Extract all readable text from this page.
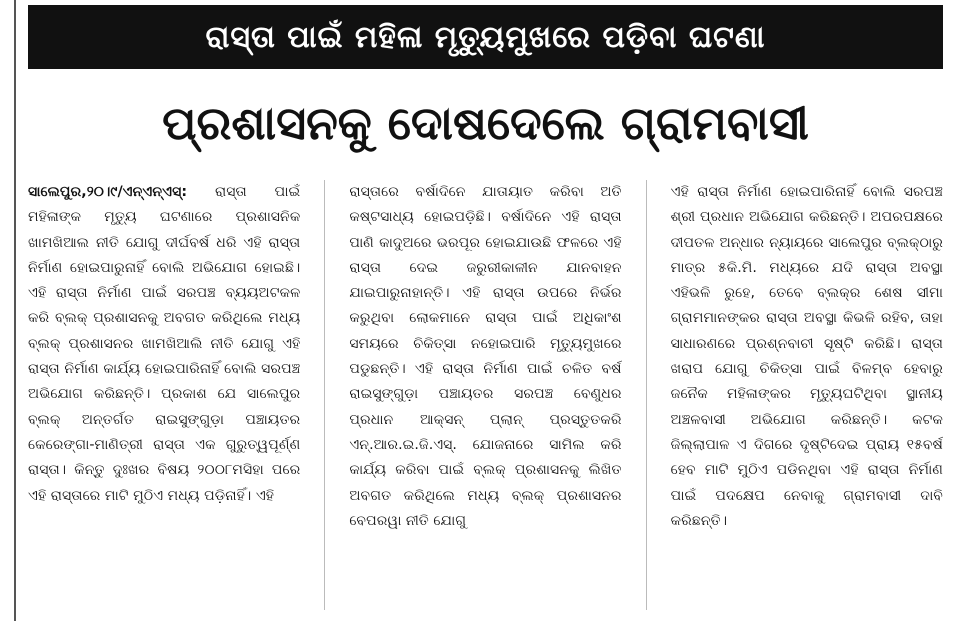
ରାସ୍ତା ପାଇଁ ମହିଳା ମୃତ୍ୟୁମୁଖରେ ପଡ଼ିବା ଘଟଣା
ପ୍ରଶାସନକୁ ଦୋଷଦେଲେ ଗ୍ରାମବାସୀ

ସାଲେପୁର,୨୦।୯/ଏନ୍ଏନ୍ଏସ୍: ରାସ୍ତା ପାଇଁ ମହିଳାଙ୍କ ମୃତ୍ୟୁ ଘଟଣାରେ ପ୍ରଶାସନିକ ଖାମଖିଆଲ ନୀତି ଯୋଗୁ ଦୀର୍ଘବର୍ଷ ଧରି ଏହି ରାସ୍ତା ନିର୍ମାଣ ହୋଇପାରୁନାହିଁ ବୋଲି ଅଭିଯୋଗ ହୋଇଛି। ଏହି ରାସ୍ତା ନିର୍ମାଣ ପାଇଁ ସରପଞ୍ଚ ବ୍ୟୟଅଟକଳ କରି ବ୍ଲକ୍ ପ୍ରଶାସନକୁ ଅବଗତ କରିଥିଲେ ମଧ୍ୟ ବ୍ଲକ୍ ପ୍ରଶାସନର ଖାମଖିଆଲି ନୀତି ଯୋଗୁ ଏହି ରାସ୍ତା ନିର୍ମାଣ କାର୍ଯ୍ୟ ହୋଇପାରିନାହିଁ ବୋଲି ସରପଞ୍ଚ ଅଭିଯୋଗ କରିଛନ୍ତି। ପ୍ରକାଶ ଯେ ସାଲେପୁର ବ୍ଲକ୍ ଅନ୍ତର୍ଗତ ରାଇସୁଙ୍ଗୁଡ଼ା ପଞ୍ଚାୟତର କେରେଙ୍ଗା-ମାଣିତ୍ରୀ ରାସ୍ତା ଏକ ଗୁରୁତ୍ୱପୂର୍ଣ୍ଣ ରାସ୍ତା। କିନ୍ତୁ ଦୁଃଖର ବିଷୟ ୨୦୦୮ମସିହା ପରେ ଏହି ରାସ୍ତାରେ ମାଟି ମୁଠିଏ ମଧ୍ୟ ପଡ଼ିନାହିଁ। ଏହି

ରାସ୍ତାରେ ବର୍ଷାଦିନେ ଯାତାୟାତ କରିବା ଅତି କଷ୍ଟସାଧ୍ୟ ହୋଇପଡ଼ିଛି। ବର୍ଷାଦିନେ ଏହି ରାସ୍ତା ପାଣି କାଦୁଅରେ ଭରପୂର ହୋଇଯାଉଛି ଫଳରେ ଏହି ରାସ୍ତା ଦେଇ ଜରୁରୀକାଳୀନ ଯାନବାହନ ଯାଇପାରୁନାହାନ୍ତି। ଏହି ରାସ୍ତା ଉପରେ ନିର୍ଭର କରୁଥିବା ଲୋକମାନେ ରାସ୍ତା ପାଇଁ ଅଧିକାଂଶ ସମୟରେ ଚିକିତ୍ସା ନହୋଇପାରି ମୃତ୍ୟୁମୁଖରେ ପଡୁଛନ୍ତି। ଏହି ରାସ୍ତା ନିର୍ମାଣ ପାଇଁ ଚଳିତ ବର୍ଷ ରାଇସୁଙ୍ଗୁଡ଼ା ପଞ୍ଚାୟତର ସରପଞ୍ଚ ବେଣୁଧର ପ୍ରଧାନ ଆକ୍ସନ୍ ପ୍ଲାନ୍ ପ୍ରସ୍ତୁତକରି ଏନ୍.ଆର.ଇ.ଜି.ଏସ୍. ଯୋଜନାରେ ସାମିଲ କରି କାର୍ଯ୍ୟ କରିବା ପାଇଁ ବ୍ଲକ୍ ପ୍ରଶାସନକୁ ଲିଖିତ ଅବଗତ କରିଥିଲେ ମଧ୍ୟ ବ୍ଲକ୍ ପ୍ରଶାସନର ବେପରୱା ନୀତି ଯୋଗୁ

ଏହି ରାସ୍ତା ନିର୍ମାଣ ହୋଇପାରିନାହିଁ ବୋଲି ସରପଞ୍ଚ ଶ୍ରୀ ପ୍ରଧାନ ଅଭିଯୋଗ କରିଛନ୍ତି। ଅପରପକ୍ଷରେ ଦୀପତଳ ଅନ୍ଧାର ନ୍ୟାୟରେ ସାଲେପୁର ବ୍ଲକ୍‌ଠାରୁ ମାତ୍ର ୫କି.ମି. ମଧ୍ୟରେ ଯଦି ରାସ୍ତା ଅବସ୍ଥା ଏହିଭଳି ରୁହେ, ତେବେ ବ୍ଲକ୍‌ର ଶେଷ ସୀମା ଗ୍ରାମମାନଙ୍କର ରାସ୍ତା ଅବସ୍ଥା କିଭଳି ରହିବ, ତାହା ସାଧାରଣରେ ପ୍ରଶ୍ନବାଚୀ ସୃଷ୍ଟି କରିଛି। ରାସ୍ତା ଖରାପ ଯୋଗୁ ଚିକିତ୍ସା ପାଇଁ ବିଳମ୍ବ ହେବାରୁ ଜନୈକ ମହିଳାଙ୍କର ମୃତ୍ୟୁଘଟିଥିବା ସ୍ଥାନୀୟ ଅଞ୍ଚଳବାସୀ ଅଭିଯୋଗ କରିଛନ୍ତି। କଟକ ଜିଲ୍ଲାପାଳ ଏ ଦିଗରେ ଦୃଷ୍ଟିଦେଇ ପ୍ରାୟ ୧୫ବର୍ଷ ହେବ ମାଟି ମୁଠିଏ ପଡିନଥିବା ଏହି ରାସ୍ତା ନିର୍ମାଣ ପାଇଁ ପଦକ୍ଷେପ ନେବାକୁ ଗ୍ରାମବାସୀ ଦାବି କରିଛନ୍ତି।
